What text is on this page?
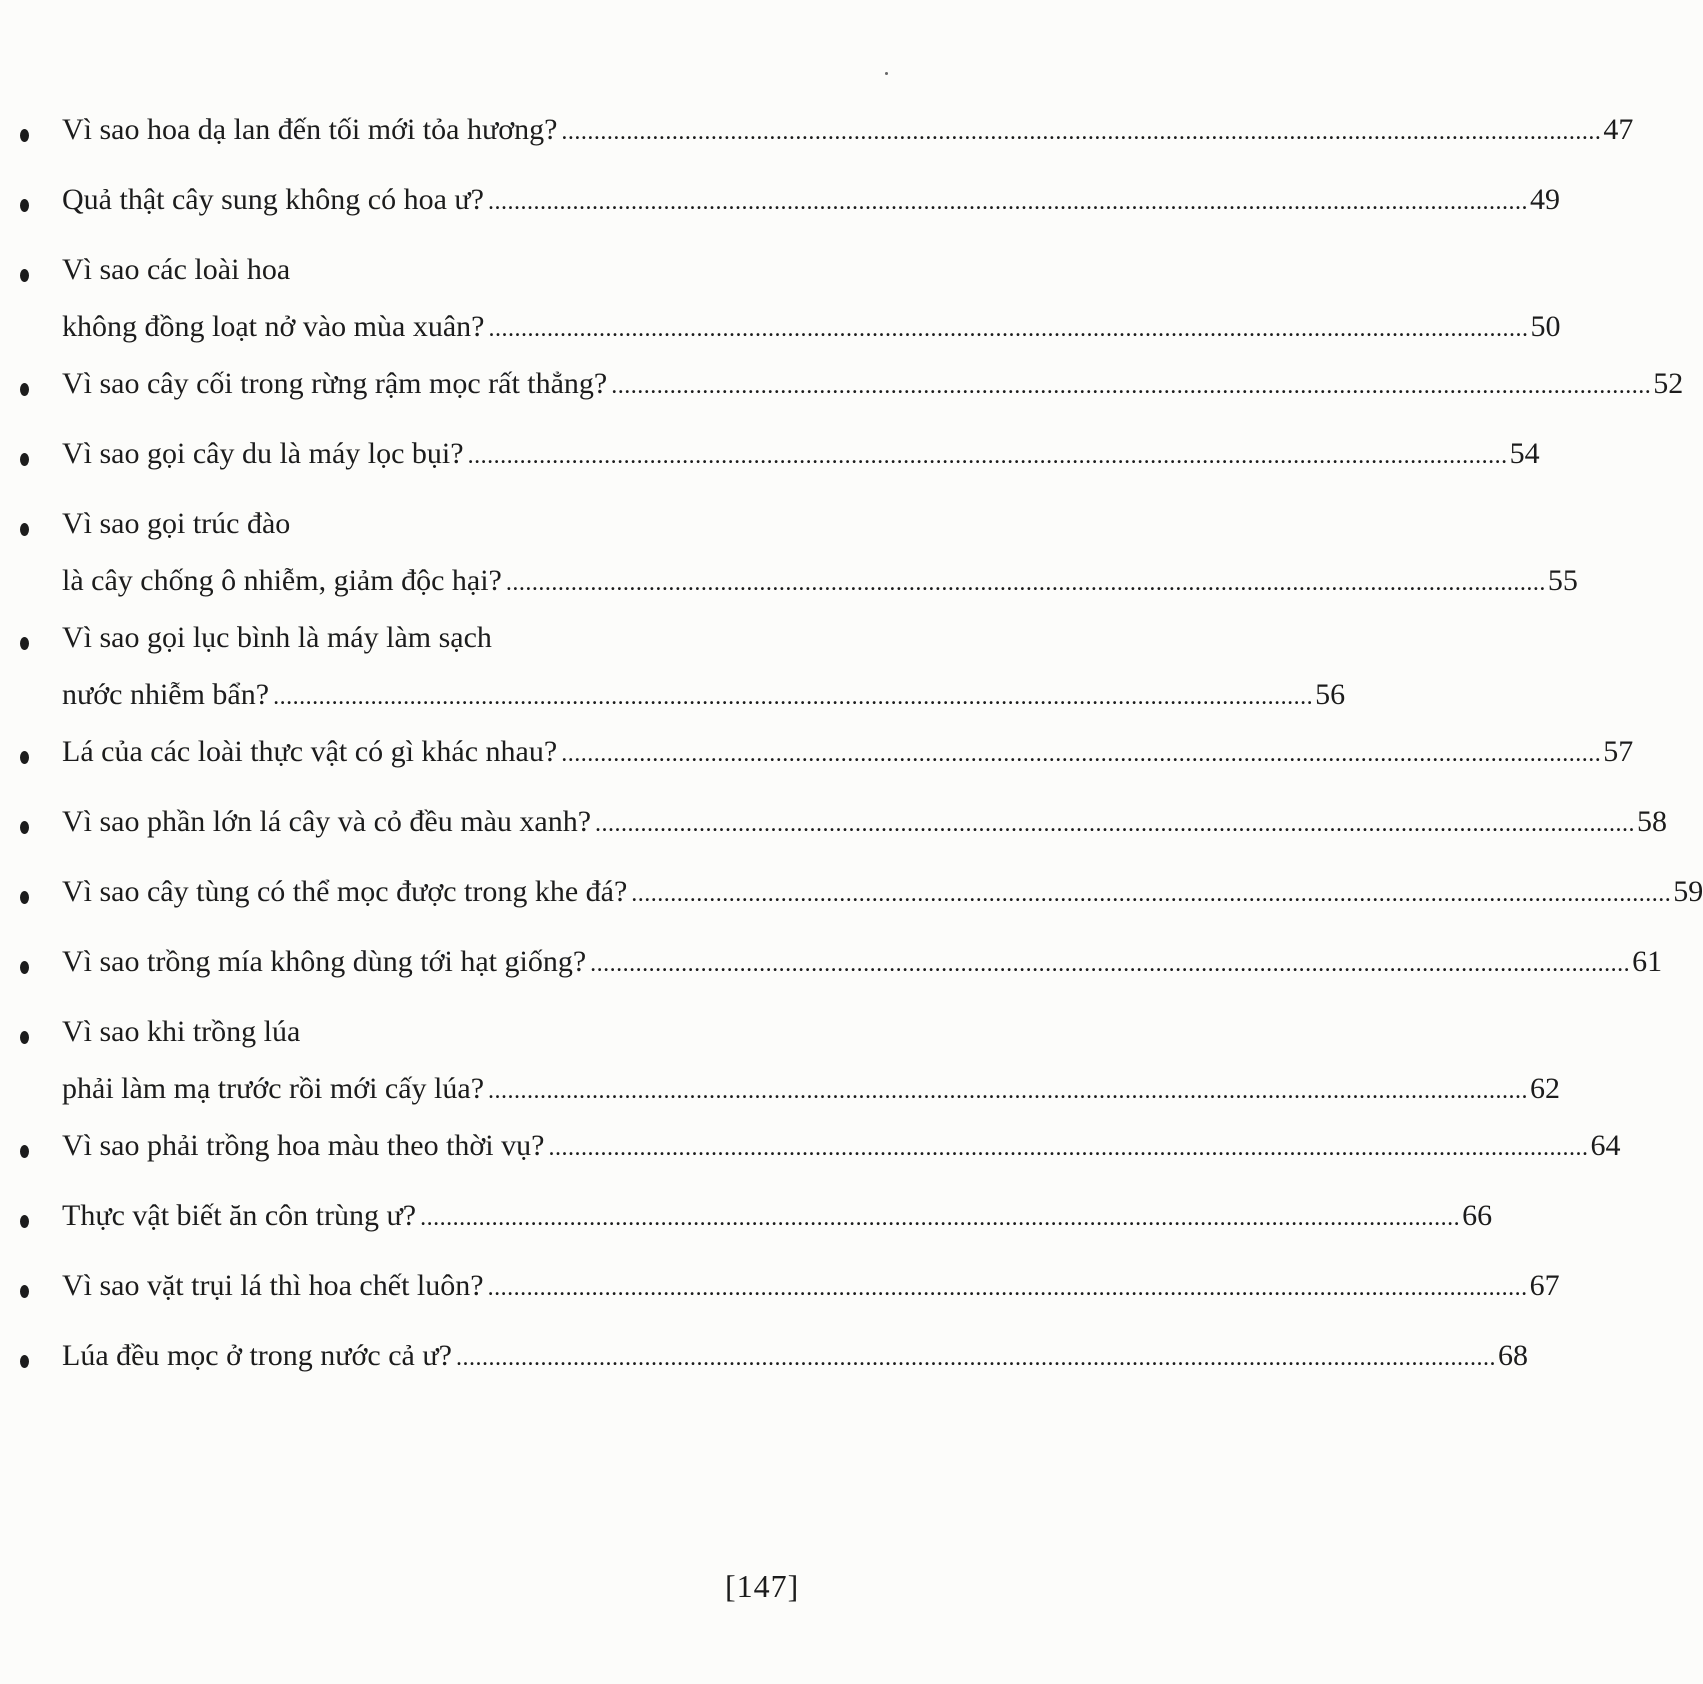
Vì sao hoa dạ lan đến tối mới tỏa hương? ................................................................................................................................................................ 47
Quả thật cây sung không có hoa ư? ................................................................................................................................................................ 49
Vì sao các loài hoa
không đồng loạt nở vào mùa xuân? ................................................................................................................................................................ 50
Vì sao cây cối trong rừng rậm mọc rất thẳng? ................................................................................................................................................................ 52
Vì sao gọi cây du là máy lọc bụi? ................................................................................................................................................................ 54
Vì sao gọi trúc đào
là cây chống ô nhiễm, giảm độc hại? ................................................................................................................................................................ 55
Vì sao gọi lục bình là máy làm sạch
nước nhiễm bẩn? ................................................................................................................................................................ 56
Lá của các loài thực vật có gì khác nhau? ................................................................................................................................................................ 57
Vì sao phần lớn lá cây và cỏ đều màu xanh? ................................................................................................................................................................ 58
Vì sao cây tùng có thể mọc được trong khe đá? ................................................................................................................................................................ 59
Vì sao trồng mía không dùng tới hạt giống? ................................................................................................................................................................ 61
Vì sao khi trồng lúa
phải làm mạ trước rồi mới cấy lúa? ................................................................................................................................................................ 62
Vì sao phải trồng hoa màu theo thời vụ? ................................................................................................................................................................ 64
Thực vật biết ăn côn trùng ư? ................................................................................................................................................................ 66
Vì sao vặt trụi lá thì hoa chết luôn? ................................................................................................................................................................ 67
Lúa đều mọc ở trong nước cả ư? ................................................................................................................................................................ 68
[147]
